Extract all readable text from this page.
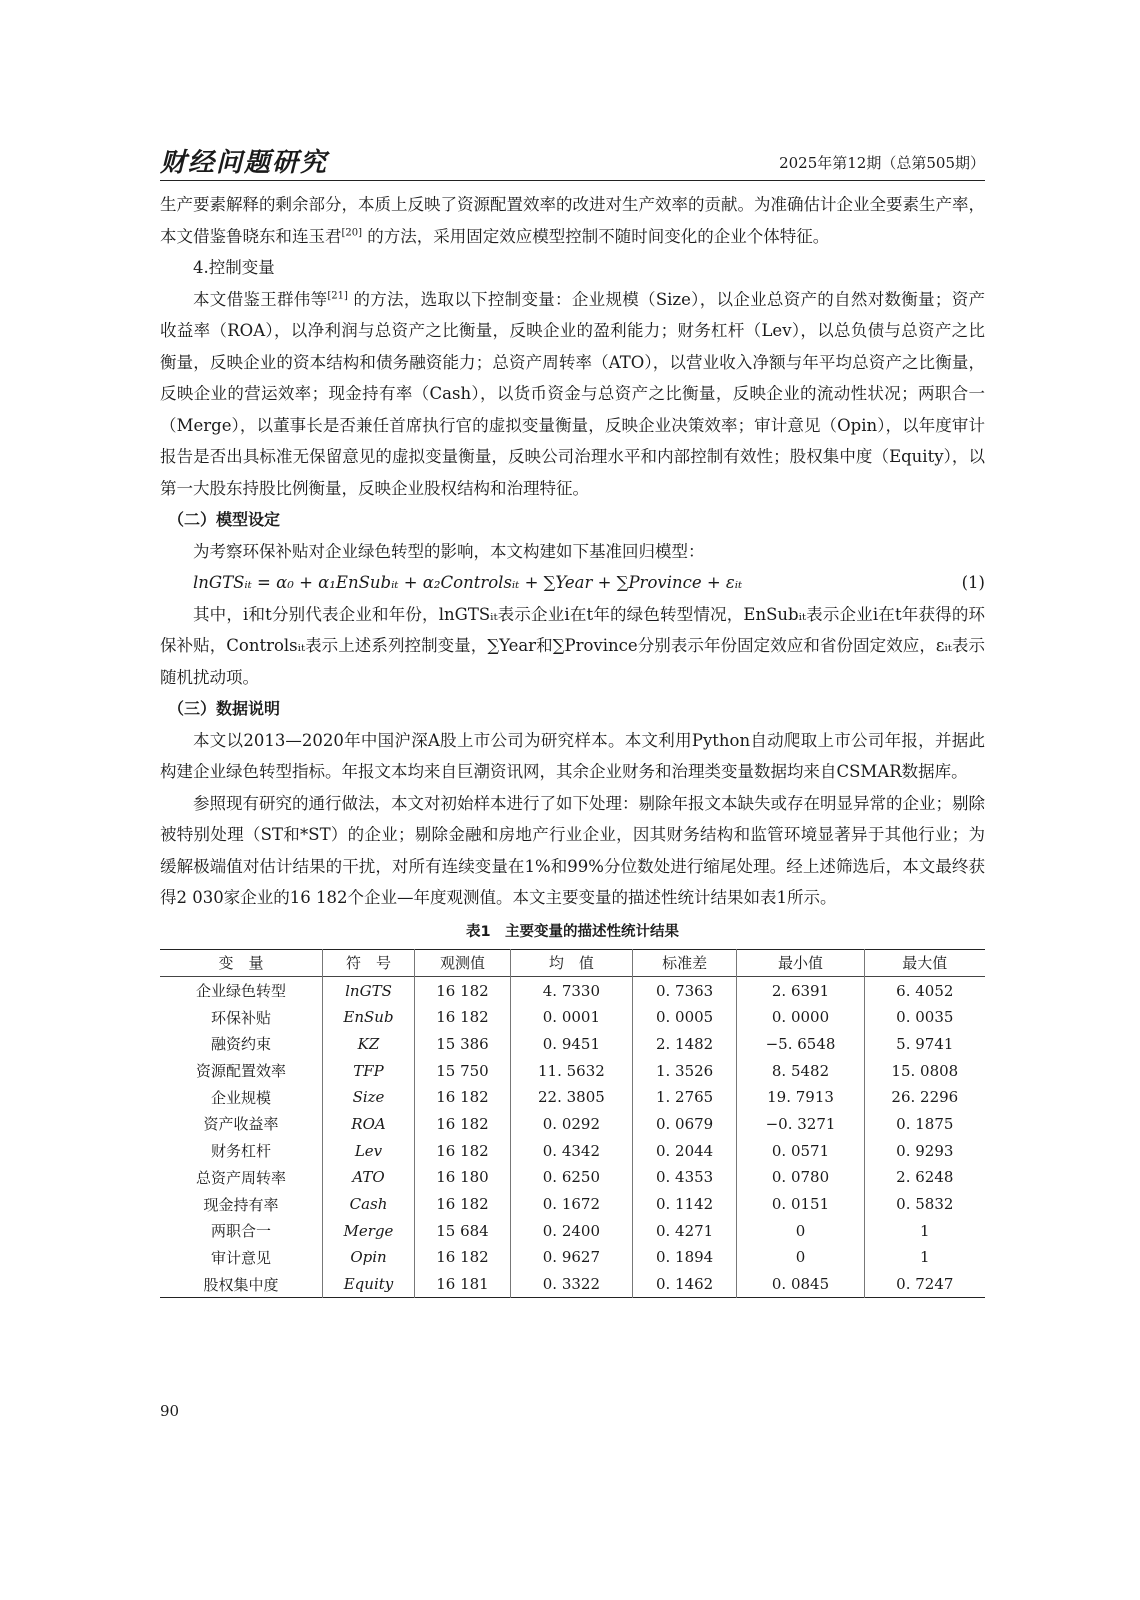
财经问题研究	2025年第12期（总第505期）

生产要素解释的剩余部分，本质上反映了资源配置效率的改进对生产效率的贡献。为准确估计企业全要素生产率，本文借鉴鲁晓东和连玉君[20] 的方法，采用固定效应模型控制不随时间变化的企业个体特征。

4.控制变量

本文借鉴王群伟等[21] 的方法，选取以下控制变量：企业规模（Size），以企业总资产的自然对数衡量；资产收益率（ROA），以净利润与总资产之比衡量，反映企业的盈利能力；财务杠杆（Lev），以总负债与总资产之比衡量，反映企业的资本结构和债务融资能力；总资产周转率（ATO），以营业收入净额与年平均总资产之比衡量，反映企业的营运效率；现金持有率（Cash），以货币资金与总资产之比衡量，反映企业的流动性状况；两职合一（Merge），以董事长是否兼任首席执行官的虚拟变量衡量，反映企业决策效率；审计意见（Opin），以年度审计报告是否出具标准无保留意见的虚拟变量衡量，反映公司治理水平和内部控制有效性；股权集中度（Equity），以第一大股东持股比例衡量，反映企业股权结构和治理特征。

（二）模型设定

为考察环保补贴对企业绿色转型的影响，本文构建如下基准回归模型：

lnGTSᵢₜ = α₀ + α₁EnSubᵢₜ + α₂Controlsᵢₜ + ∑Year + ∑Province + εᵢₜ	(1)

其中，i和t分别代表企业和年份，lnGTSᵢₜ表示企业i在t年的绿色转型情况，EnSubᵢₜ表示企业i在t年获得的环保补贴，Controlsᵢₜ表示上述系列控制变量，∑Year和∑Province分别表示年份固定效应和省份固定效应，εᵢₜ表示随机扰动项。

（三）数据说明

本文以2013—2020年中国沪深A股上市公司为研究样本。本文利用Python自动爬取上市公司年报，并据此构建企业绿色转型指标。年报文本均来自巨潮资讯网，其余企业财务和治理类变量数据均来自CSMAR数据库。

参照现有研究的通行做法，本文对初始样本进行了如下处理：剔除年报文本缺失或存在明显异常的企业；剔除被特别处理（ST和*ST）的企业；剔除金融和房地产行业企业，因其财务结构和监管环境显著异于其他行业；为缓解极端值对估计结果的干扰，对所有连续变量在1%和99%分位数处进行缩尾处理。经上述筛选后，本文最终获得2 030家企业的16 182个企业—年度观测值。本文主要变量的描述性统计结果如表1所示。

表1　主要变量的描述性统计结果
变　量	符　号	观测值	均　值	标准差	最小值	最大值
企业绿色转型	lnGTS	16 182	4. 7330	0. 7363	2. 6391	6. 4052
环保补贴	EnSub	16 182	0. 0001	0. 0005	0. 0000	0. 0035
融资约束	KZ	15 386	0. 9451	2. 1482	−5. 6548	5. 9741
资源配置效率	TFP	15 750	11. 5632	1. 3526	8. 5482	15. 0808
企业规模	Size	16 182	22. 3805	1. 2765	19. 7913	26. 2296
资产收益率	ROA	16 182	0. 0292	0. 0679	−0. 3271	0. 1875
财务杠杆	Lev	16 182	0. 4342	0. 2044	0. 0571	0. 9293
总资产周转率	ATO	16 180	0. 6250	0. 4353	0. 0780	2. 6248
现金持有率	Cash	16 182	0. 1672	0. 1142	0. 0151	0. 5832
两职合一	Merge	15 684	0. 2400	0. 4271	0	1
审计意见	Opin	16 182	0. 9627	0. 1894	0	1
股权集中度	Equity	16 181	0. 3322	0. 1462	0. 0845	0. 7247
90
